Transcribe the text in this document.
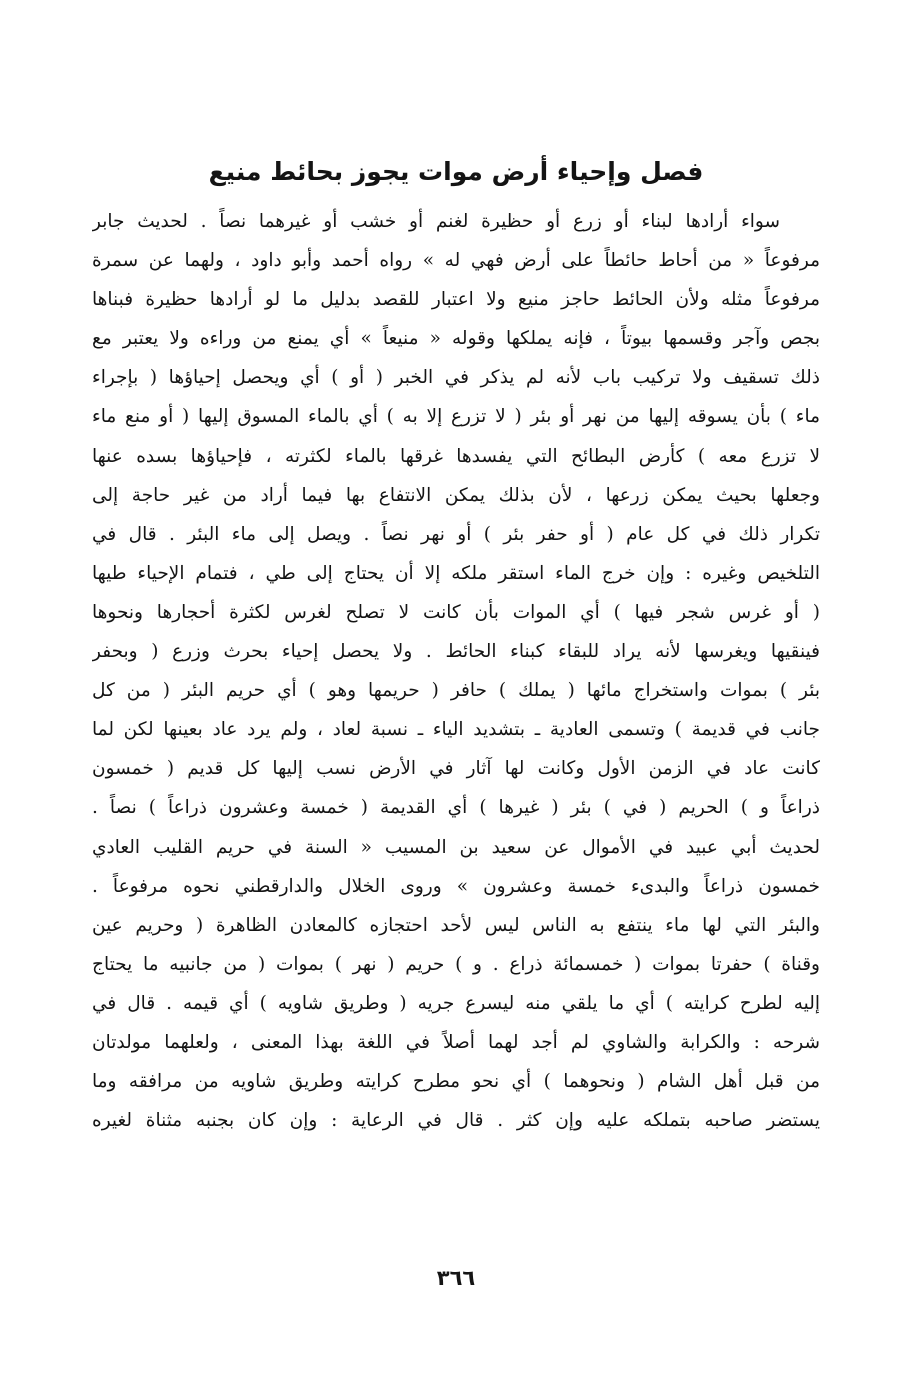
فصل وإحياء أرض موات يجوز بحائط منيع
سواء أرادها لبناء أو زرع أو حظيرة لغنم أو خشب أو غيرهما نصاً . لحديث جابر
مرفوعاً « من أحاط حائطاً على أرض فهي له » رواه أحمد وأبو داود ، ولهما عن سمرة
مرفوعاً مثله ولأن الحائط حاجز منيع ولا اعتبار للقصد بدليل ما لو أرادها حظيرة فبناها
بجص وآجر وقسمها بيوتاً ، فإنه يملكها وقوله « منيعاً » أي يمنع من وراءه ولا يعتبر مع
ذلك تسقيف ولا تركيب باب لأنه لم يذكر في الخبر ( أو ) أي ويحصل إحياؤها ( بإجراء
ماء ) بأن يسوقه إليها من نهر أو بئر ( لا تزرع إلا به ) أي بالماء المسوق إليها ( أو منع ماء
لا تزرع معه ) كأرض البطائح التي يفسدها غرقها بالماء لكثرته ، فإحياؤها بسده عنها
وجعلها بحيث يمكن زرعها ، لأن بذلك يمكن الانتفاع بها فيما أراد من غير حاجة إلى
تكرار ذلك في كل عام ( أو حفر بئر ) أو نهر نصاً . ويصل إلى ماء البئر . قال في
التلخيص وغيره : وإن خرج الماء استقر ملكه إلا أن يحتاج إلى طي ، فتمام الإحياء طيها
( أو غرس شجر فيها ) أي الموات بأن كانت لا تصلح لغرس لكثرة أحجارها ونحوها
فينقيها ويغرسها لأنه يراد للبقاء كبناء الحائط . ولا يحصل إحياء بحرث وزرع ( وبحفر
بئر ) بموات واستخراج مائها ( يملك ) حافر ( حريمها وهو ) أي حريم البئر ( من كل
جانب في قديمة ) وتسمى العادية ـ بتشديد الياء ـ نسبة لعاد ، ولم يرد عاد بعينها لكن لما
كانت عاد في الزمن الأول وكانت لها آثار في الأرض نسب إليها كل قديم ( خمسون
ذراعاً و ) الحريم ( في ) بئر ( غيرها ) أي القديمة ( خمسة وعشرون ذراعاً ) نصاً .
لحديث أبي عبيد في الأموال عن سعيد بن المسيب « السنة في حريم القليب العادي
خمسون ذراعاً والبدىء خمسة وعشرون » وروى الخلال والدارقطني نحوه مرفوعاً .
والبئر التي لها ماء ينتفع به الناس ليس لأحد احتجازه كالمعادن الظاهرة ( وحريم عين
وقناة ) حفرتا بموات ( خمسمائة ذراع . و ) حريم ( نهر ) بموات ( من جانبيه ما يحتاج
إليه لطرح كرايته ) أي ما يلقي منه ليسرع جريه ( وطريق شاويه ) أي قيمه . قال في
شرحه : والكرابة والشاوي لم أجد لهما أصلاً في اللغة بهذا المعنى ، ولعلهما مولدتان
من قبل أهل الشام ( ونحوهما ) أي نحو مطرح كرايته وطريق شاويه من مرافقه وما
يستضر صاحبه بتملكه عليه وإن كثر . قال في الرعاية : وإن كان بجنبه مثناة لغيره
٣٦٦
